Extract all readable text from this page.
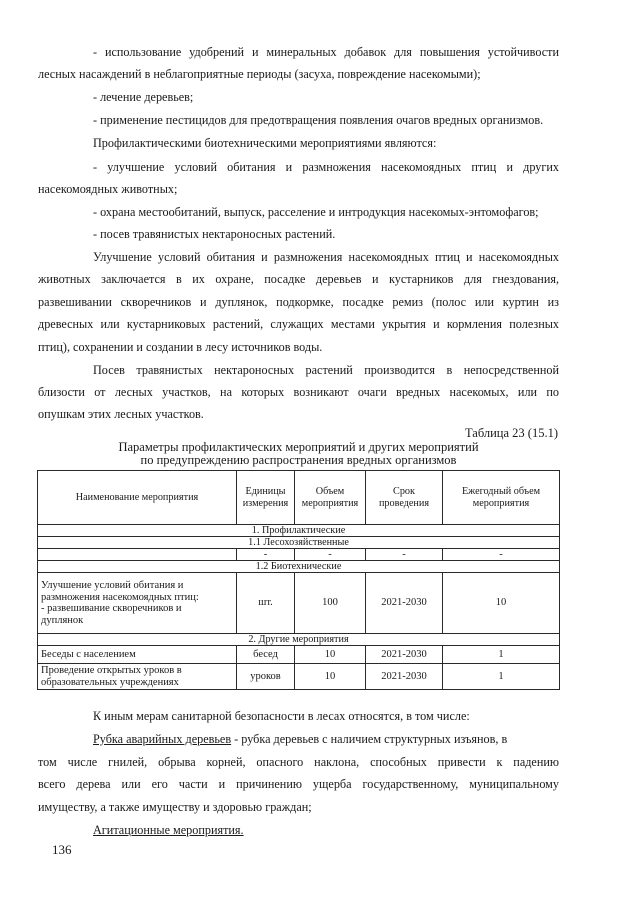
- использование удобрений и минеральных добавок для повышения устойчивости
лесных насаждений в неблагоприятные периоды (засуха, повреждение насекомыми);
- лечение деревьев;
- применение пестицидов для предотвращения появления очагов вредных организмов.
Профилактическими биотехническими мероприятиями являются:
- улучшение условий обитания и размножения насекомоядных птиц и других
насекомоядных животных;
- охрана местообитаний, выпуск, расселение и интродукция насекомых-энтомофагов;
- посев травянистых нектароносных растений.
Улучшение условий обитания и размножения насекомоядных птиц и насекомоядных
животных заключается в их охране, посадке деревьев и кустарников для гнездования,
развешивании скворечников и дуплянок, подкормке, посадке ремиз (полос или куртин из
древесных или кустарниковых растений, служащих местами укрытия и кормления полезных
птиц), сохранении и создании в лесу источников воды.
Посев травянистых нектароносных растений производится в непосредственной
близости от лесных участков, на которых возникают очаги вредных насекомых, или по
опушкам этих лесных участков.
Таблица 23 (15.1)
Параметры профилактических мероприятий и других мероприятий
по предупреждению распространения вредных организмов
Наименование мероприятия	Единицы измерения	Объем мероприятия	Срок проведения	Ежегодный объем мероприятия
1. Профилактические				
1.1 Лесохозяйственные				
	-	-	-	-
1.2 Биотехнические				

Улучшение условий обитания и
размножения насекомоядных птиц:
- развешивание скворечников и
дуплянок	шт.	100	2021-2030	10
2. Другие мероприятия				
Беседы с населением	бесед	10	2021-2030	1

Проведение открытых уроков в
образовательных учреждениях	уроков	10	2021-2030	1
К иным мерам санитарной безопасности в лесах относятся, в том числе:
Рубка аварийных деревьев - рубка деревьев с наличием структурных изъянов, в
том числе гнилей, обрыва корней, опасного наклона, способных привести к падению
всего дерева или его части и причинению ущерба государственному, муниципальному
имуществу, а также имуществу и здоровью граждан;
Агитационные мероприятия.
136
